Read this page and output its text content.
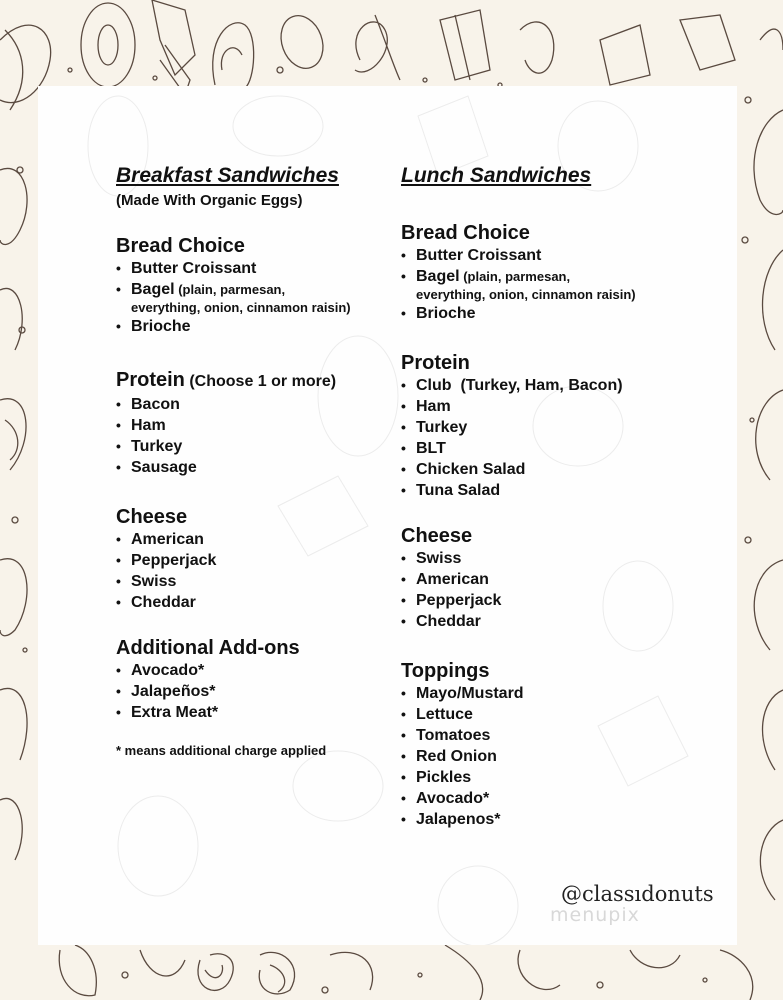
Breakfast Sandwiches
(Made With Organic Eggs)
Bread Choice
• Butter Croissant
• Bagel (plain, parmesan,
everything, onion, cinnamon raisin)
• Brioche
Protein (Choose 1 or more)
• Bacon
• Ham
• Turkey
• Sausage
Cheese
• American
• Pepperjack
• Swiss
• Cheddar
Additional Add-ons
• Avocado*
• Jalapeños*
• Extra Meat*
* means additional charge applied
Lunch Sandwiches
Bread Choice
• Butter Croissant
• Bagel (plain, parmesan,
everything, onion, cinnamon raisin)
• Brioche
Protein
• Club  (Turkey, Ham, Bacon)
• Ham
• Turkey
• BLT
• Chicken Salad
• Tuna Salad
Cheese
• Swiss
• American
• Pepperjack
• Cheddar
Toppings
• Mayo/Mustard
• Lettuce
• Tomatoes
• Red Onion
• Pickles
• Avocado*
• Jalapenos*
@classıdonuts
menupix
